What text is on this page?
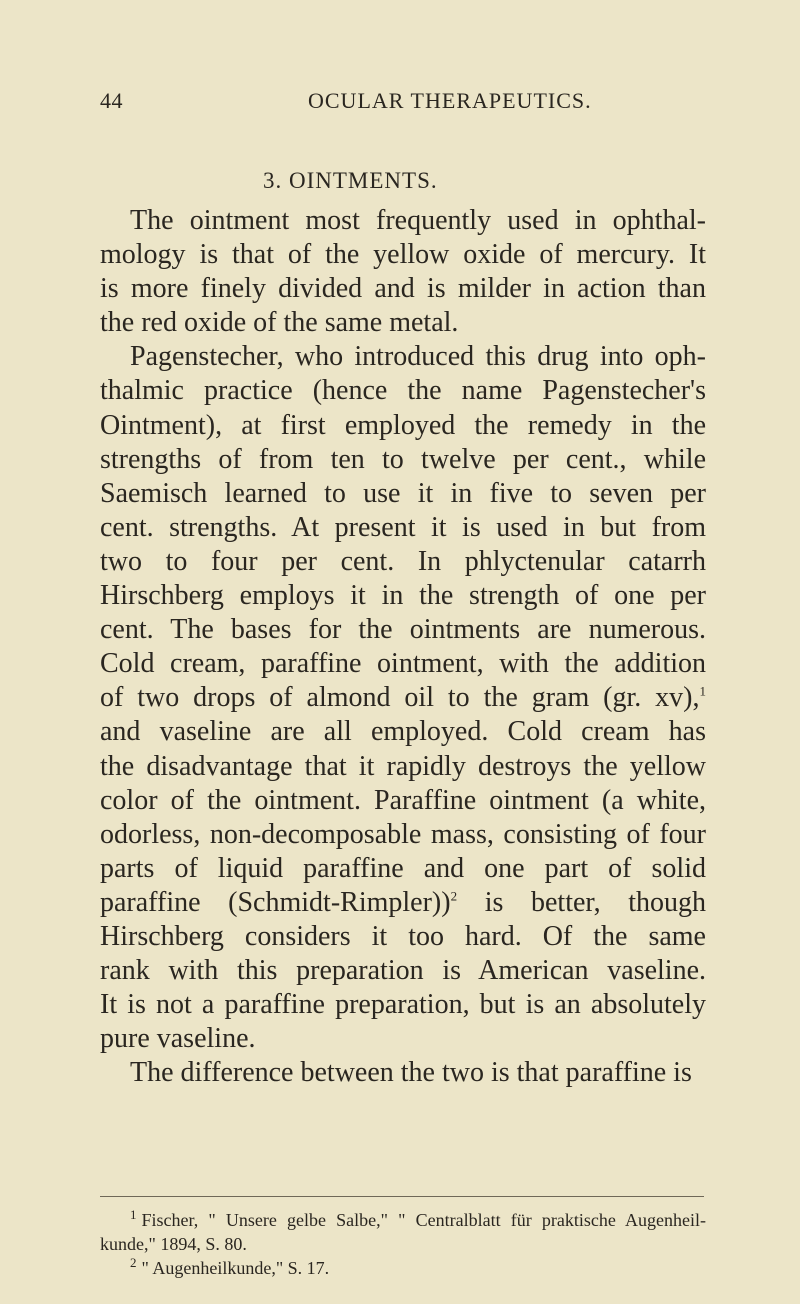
44	OCULAR THERAPEUTICS.
3. OINTMENTS.
The ointment most frequently used in ophthal-
mology is that of the yellow oxide of mercury. It
is more finely divided and is milder in action than
the red oxide of the same metal.
Pagenstecher, who introduced this drug into oph-
thalmic practice (hence the name Pagenstecher's
Ointment), at first employed the remedy in the
strengths of from ten to twelve per cent., while
Saemisch learned to use it in five to seven per
cent. strengths. At present it is used in but from
two to four per cent. In phlyctenular catarrh
Hirschberg employs it in the strength of one per
cent. The bases for the ointments are numerous.
Cold cream, paraffine ointment, with the addition
of two drops of almond oil to the gram (gr. xv),$^1$
and vaseline are all employed. Cold cream has
the disadvantage that it rapidly destroys the yellow
color of the ointment. Paraffine ointment (a white,
odorless, non-decomposable mass, consisting of four
parts of liquid paraffine and one part of solid
paraffine (Schmidt-Rimpler))$^2$ is better, though
Hirschberg considers it too hard. Of the same
rank with this preparation is American vaseline.
It is not a paraffine preparation, but is an absolutely
pure vaseline.
The difference between the two is that paraffine is
$^1$ Fischer, " Unsere gelbe Salbe," " Centralblatt für praktische Augenheil-
kunde," 1894, S. 80.
$^2$ " Augenheilkunde," S. 17.
